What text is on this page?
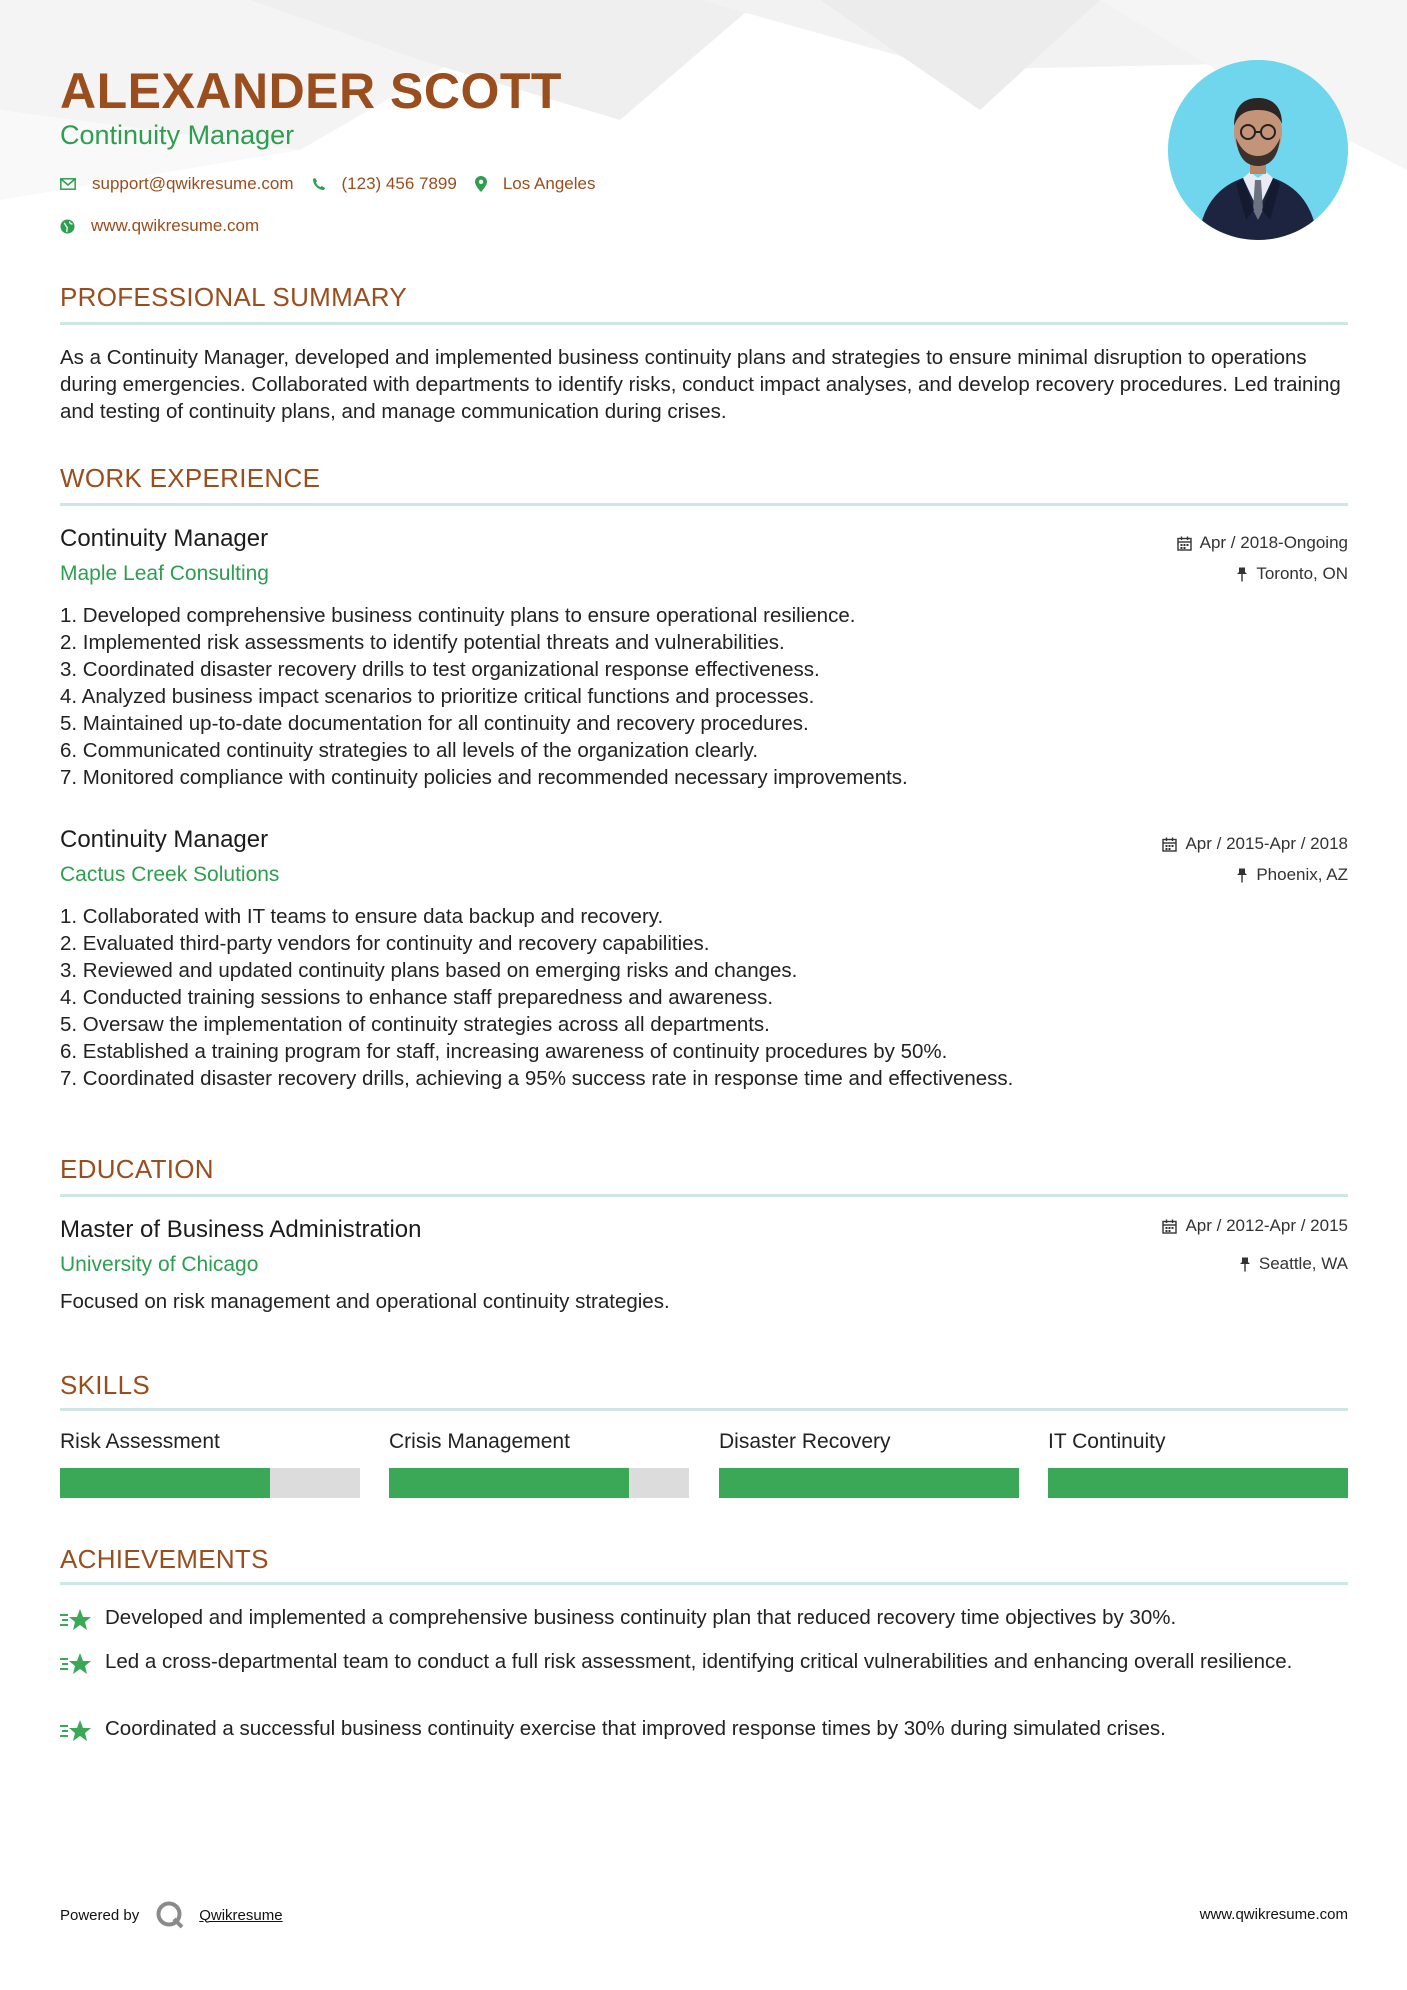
ALEXANDER SCOTT
Continuity Manager
support@qwikresume.com	(123) 456 7899	Los Angeles
www.qwikresume.com
PROFESSIONAL SUMMARY

As a Continuity Manager, developed and implemented business continuity plans and strategies to ensure minimal disruption to operations during emergencies. Collaborated with departments to identify risks, conduct impact analyses, and develop recovery procedures. Led training and testing of continuity plans, and manage communication during crises.

WORK EXPERIENCE
Continuity Manager
Maple Leaf Consulting
Apr / 2018-Ongoing
Toronto, ON
1. Developed comprehensive business continuity plans to ensure operational resilience.
2. Implemented risk assessments to identify potential threats and vulnerabilities.
3. Coordinated disaster recovery drills to test organizational response effectiveness.
4. Analyzed business impact scenarios to prioritize critical functions and processes.
5. Maintained up-to-date documentation for all continuity and recovery procedures.
6. Communicated continuity strategies to all levels of the organization clearly.
7. Monitored compliance with continuity policies and recommended necessary improvements.
Continuity Manager
Cactus Creek Solutions
Apr / 2015-Apr / 2018
Phoenix, AZ
1. Collaborated with IT teams to ensure data backup and recovery.
2. Evaluated third-party vendors for continuity and recovery capabilities.
3. Reviewed and updated continuity plans based on emerging risks and changes.
4. Conducted training sessions to enhance staff preparedness and awareness.
5. Oversaw the implementation of continuity strategies across all departments.
6. Established a training program for staff, increasing awareness of continuity procedures by 50%.
7. Coordinated disaster recovery drills, achieving a 95% success rate in response time and effectiveness.
EDUCATION
Master of Business Administration
University of Chicago
Apr / 2012-Apr / 2015
Seattle, WA
Focused on risk management and operational continuity strategies.
SKILLS
Risk Assessment	Crisis Management	Disaster Recovery	IT Continuity
ACHIEVEMENTS
Developed and implemented a comprehensive business continuity plan that reduced recovery time objectives by 30%.
Led a cross-departmental team to conduct a full risk assessment, identifying critical vulnerabilities and enhancing overall resilience.
Coordinated a successful business continuity exercise that improved response times by 30% during simulated crises.
Powered by	Qwikresume	www.qwikresume.com
